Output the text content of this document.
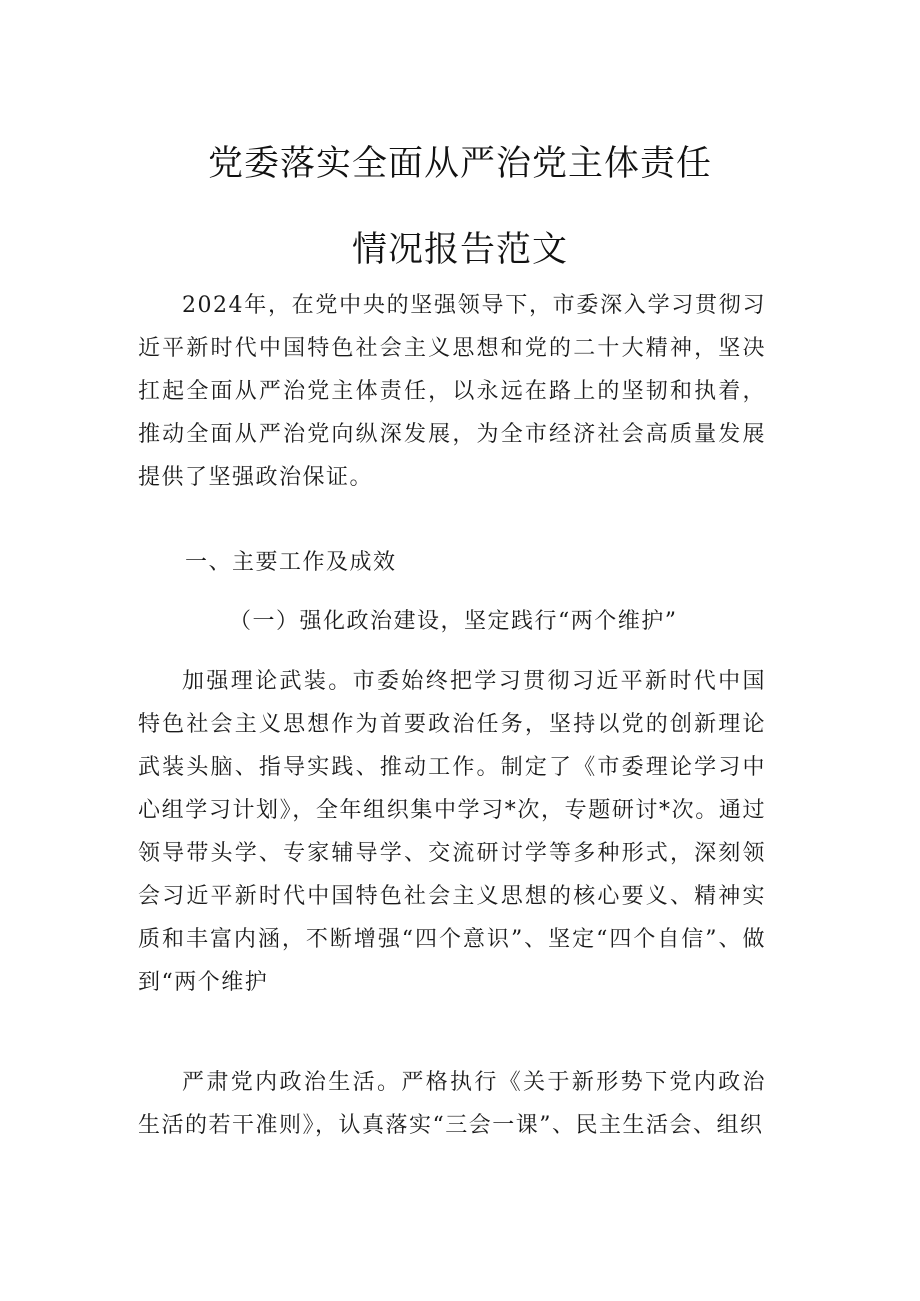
党委落实全面从严治党主体责任
情况报告范文

2024年，在党中央的坚强领导下，市委深入学习贯彻习近平新时代中国特色社会主义思想和党的二十大精神，坚决扛起全面从严治党主体责任，以永远在路上的坚韧和执着，推动全面从严治党向纵深发展，为全市经济社会高质量发展提供了坚强政治保证。

一、主要工作及成效

（一）强化政治建设，坚定践行“两个维护”

加强理论武装。市委始终把学习贯彻习近平新时代中国特色社会主义思想作为首要政治任务，坚持以党的创新理论武装头脑、指导实践、推动工作。制定了《市委理论学习中心组学习计划》，全年组织集中学习*次，专题研讨*次。通过领导带头学、专家辅导学、交流研讨学等多种形式，深刻领会习近平新时代中国特色社会主义思想的核心要义、精神实质和丰富内涵，不断增强“四个意识”、坚定“四个自信”、做到“两个维护

严肃党内政治生活。严格执行《关于新形势下党内政治生活的若干准则》，认真落实“三会一课”、民主生活会、组织
